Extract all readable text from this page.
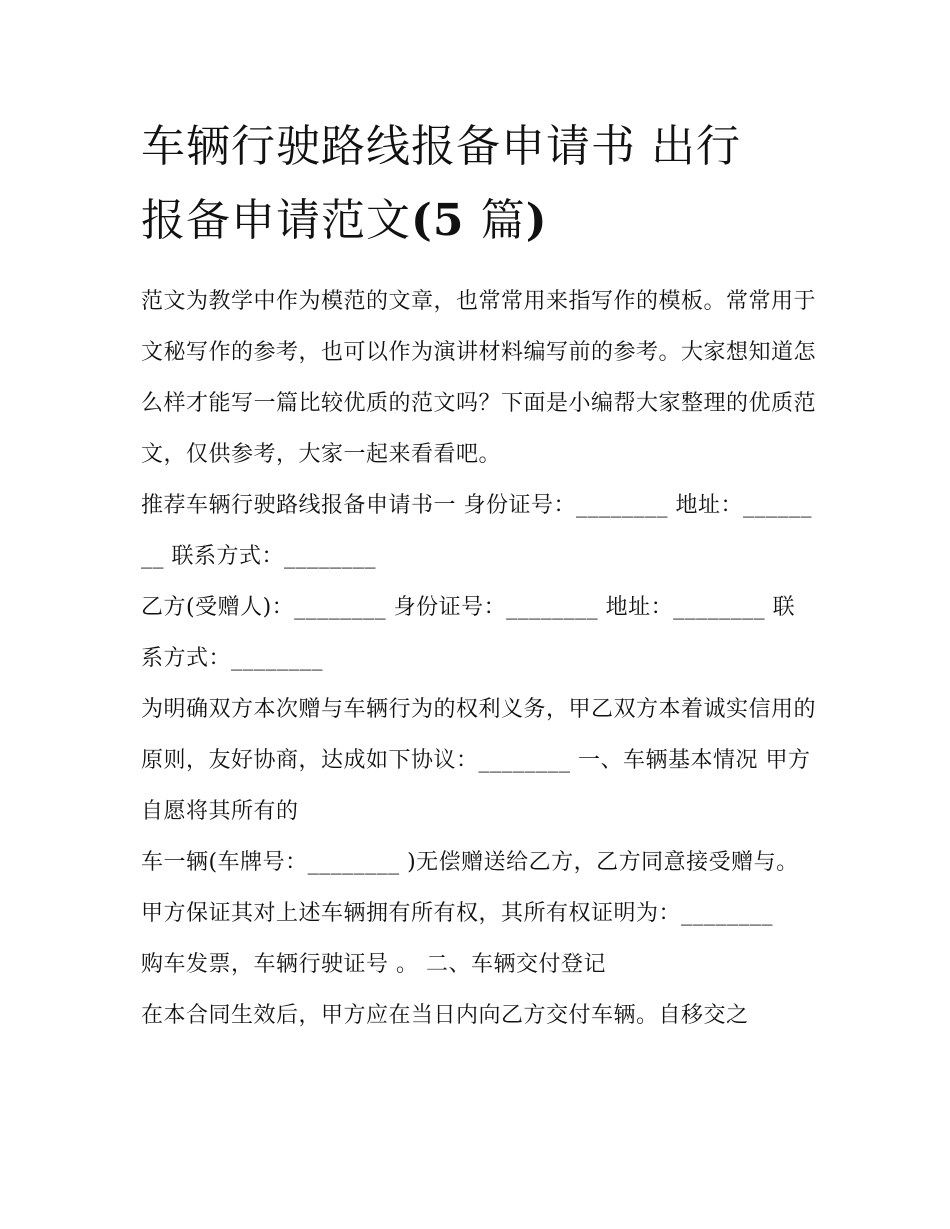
车辆行驶路线报备申请书 出行
报备申请范文(5 篇)

范文为教学中作为模范的文章，也常常用来指写作的模板。常常用于文秘写作的参考，也可以作为演讲材料编写前的参考。大家想知道怎么样才能写一篇比较优质的范文吗？下面是小编帮大家整理的优质范文，仅供参考，大家一起来看看吧。

推荐车辆行驶路线报备申请书一 身份证号：________ 地址：________ 联系方式：________

乙方(受赠人)：________ 身份证号：________ 地址：________ 联系方式：________

为明确双方本次赠与车辆行为的权利义务，甲乙双方本着诚实信用的原则，友好协商，达成如下协议：________ 一、车辆基本情况 甲方自愿将其所有的

车一辆(车牌号：________ )无偿赠送给乙方，乙方同意接受赠与。甲方保证其对上述车辆拥有所有权，其所有权证明为：________

购车发票，车辆行驶证号 。 二、车辆交付登记

在本合同生效后，甲方应在当日内向乙方交付车辆。自移交之
